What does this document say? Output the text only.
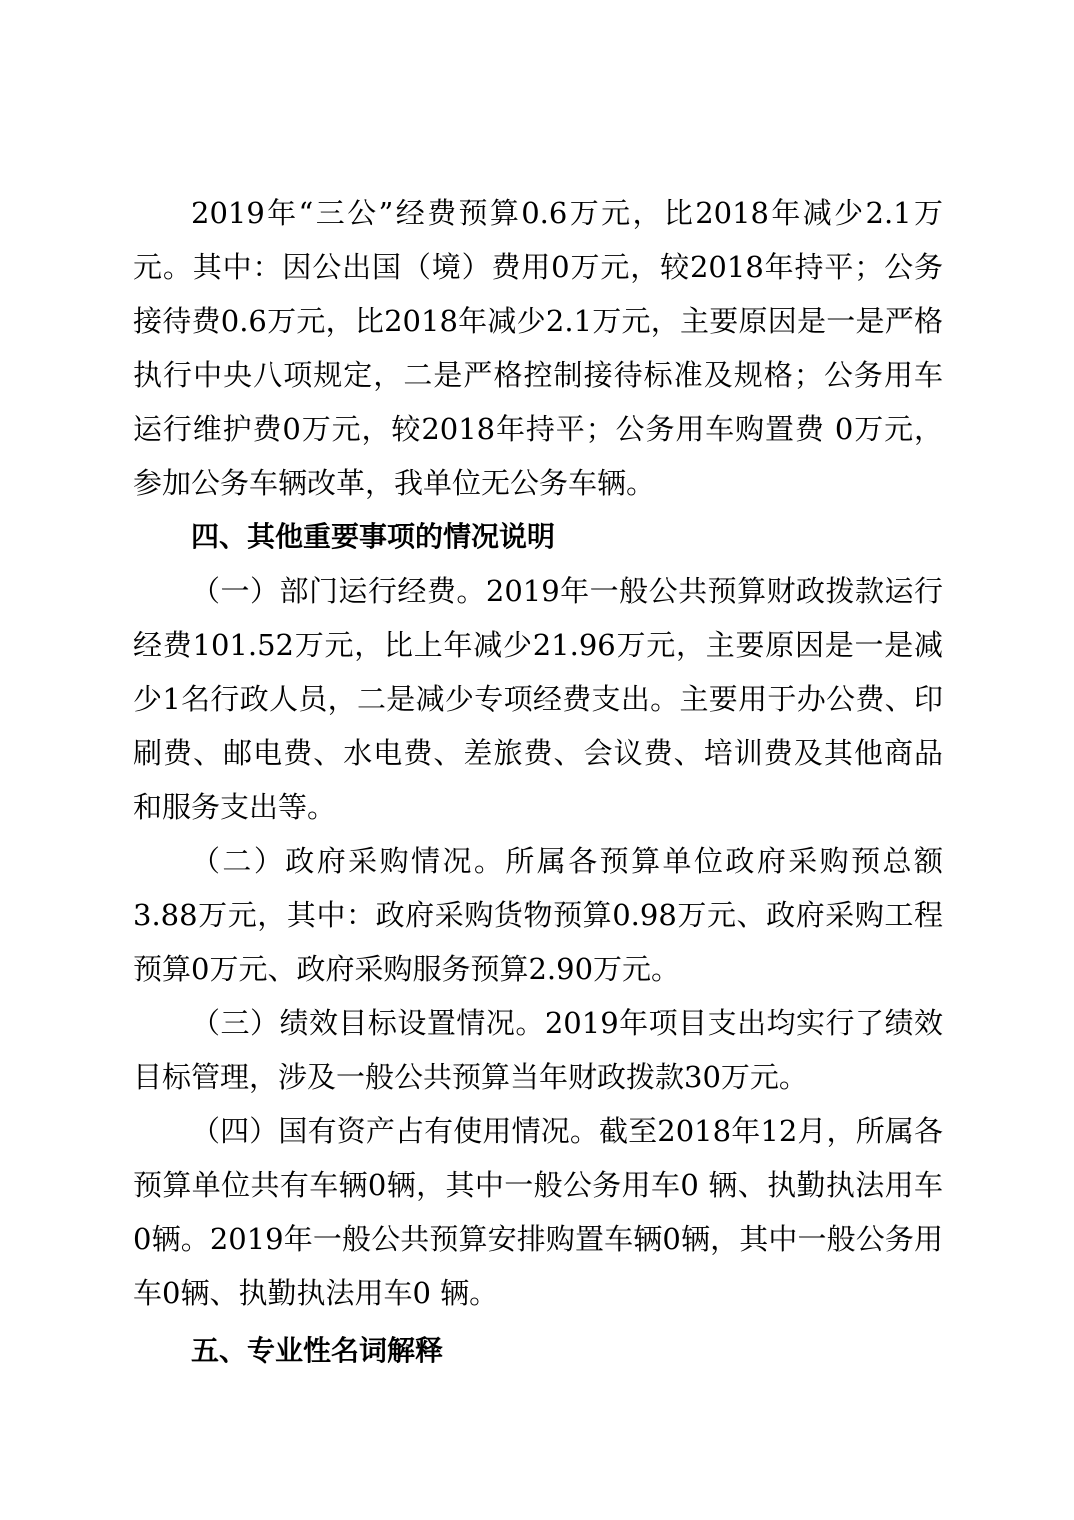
2019年“三公”经费预算0.6万元，比2018年减少2.1万元。其中：因公出国（境）费用0万元，较2018年持平；公务接待费0.6万元，比2018年减少2.1万元，主要原因是一是严格执行中央八项规定，二是严格控制接待标准及规格；公务用车运行维护费0万元，较2018年持平；公务用车购置费 0万元，参加公务车辆改革，我单位无公务车辆。

四、其他重要事项的情况说明

（一）部门运行经费。2019年一般公共预算财政拨款运行经费101.52万元，比上年减少21.96万元，主要原因是一是减少1名行政人员，二是减少专项经费支出。主要用于办公费、印刷费、邮电费、水电费、差旅费、会议费、培训费及其他商品和服务支出等。

（二）政府采购情况。所属各预算单位政府采购预总额3.88万元，其中：政府采购货物预算0.98万元、政府采购工程预算0万元、政府采购服务预算2.90万元。

（三）绩效目标设置情况。2019年项目支出均实行了绩效目标管理，涉及一般公共预算当年财政拨款30万元。

（四）国有资产占有使用情况。截至2018年12月，所属各预算单位共有车辆0辆，其中一般公务用车0 辆、执勤执法用车0辆。2019年一般公共预算安排购置车辆0辆，其中一般公务用车0辆、执勤执法用车0 辆。

五、专业性名词解释
